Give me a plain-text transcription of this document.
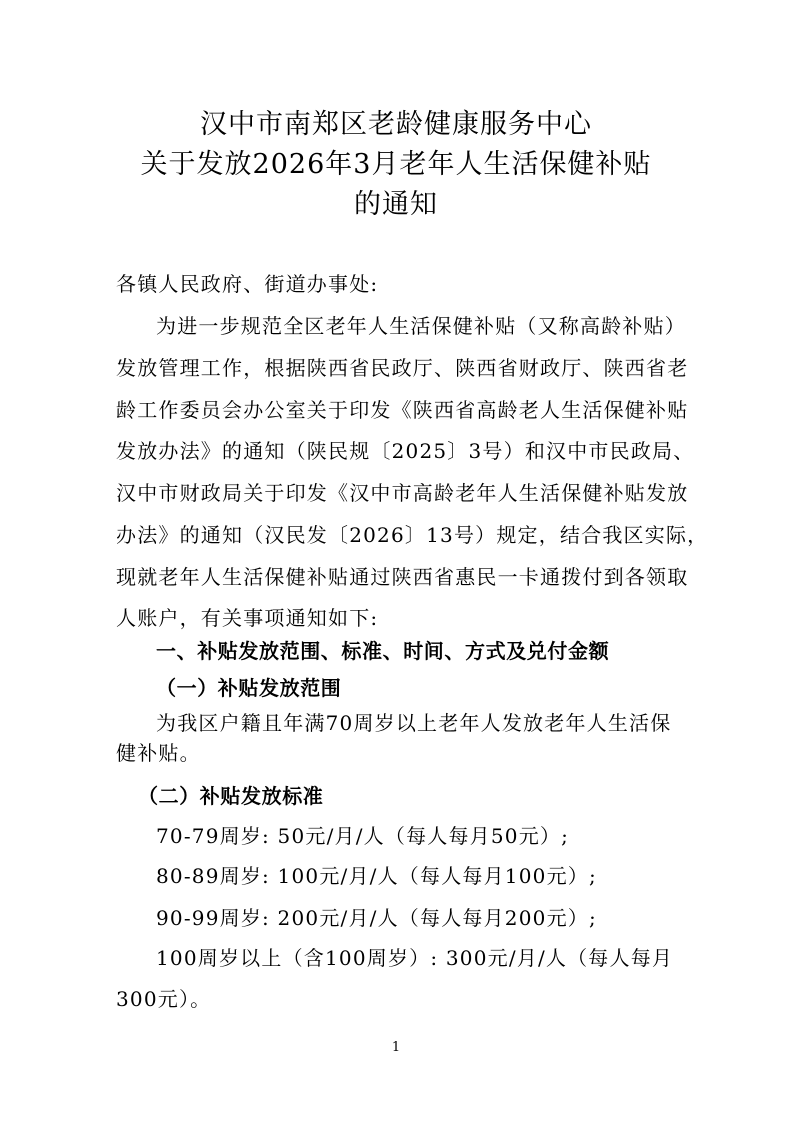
汉中市南郑区老龄健康服务中心
关于发放2026年3月老年人生活保健补贴
的通知
各镇人民政府、街道办事处:
为进一步规范全区老年人生活保健补贴（又称高龄补贴）
发放管理工作，根据陕西省民政厅、陕西省财政厅、陕西省老
龄工作委员会办公室关于印发《陕西省高龄老人生活保健补贴
发放办法》的通知（陕民规〔2025〕3号）和汉中市民政局、
汉中市财政局关于印发《汉中市高龄老年人生活保健补贴发放
办法》的通知（汉民发〔2026〕13号）规定，结合我区实际，
现就老年人生活保健补贴通过陕西省惠民一卡通拨付到各领取
人账户，有关事项通知如下:
一、补贴发放范围、标准、时间、方式及兑付金额
（一）补贴发放范围
为我区户籍且年满70周岁以上老年人发放老年人生活保
健补贴。
（二）补贴发放标准
70-79周岁: 50元/月/人（每人每月50元）;
80-89周岁: 100元/月/人（每人每月100元）;
90-99周岁: 200元/月/人（每人每月200元）;
100周岁以上（含100周岁）: 300元/月/人（每人每月
300元）。
1
